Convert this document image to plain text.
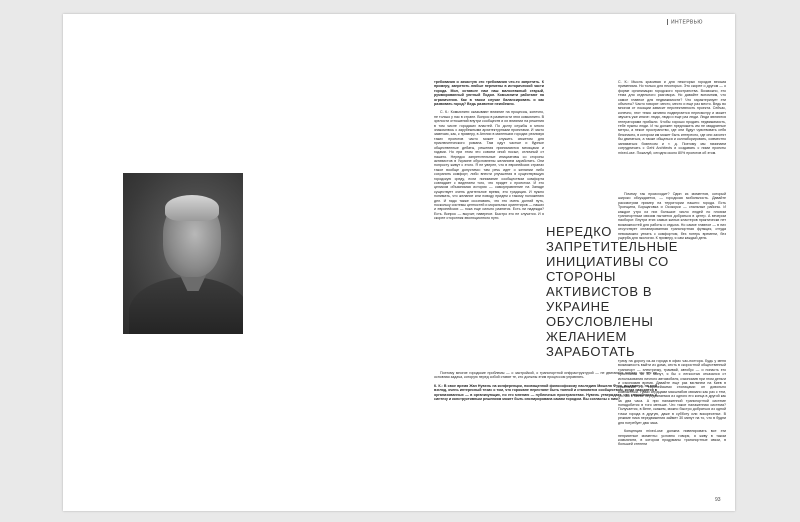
ИНТЕРВЬЮ

требования и зачастую это требования что-то запретить. К примеру, запретить любые перемены в исторической части города. Мол, оставьте нам наш малоэтажный старый, руммированный уютный Подол. Комьюнити работают на ограничения. Как в таком случае балансировать и как развивать город? Ведь развитие неизбежно.

С. К.: Комьюнити оказывают влияние на процессы, конечно, не только у нас в стране. Вопрос в развитости этих комьюнити. В зрелости отношений внутри сообществ и их влиянии на решения в том числе городских властей. По долгу службы я много знакомлюсь с зарубежными архитектурными проектами. И часто замечаю, как, к примеру, в Англии в маленьких городах реализуя таких проектов часто может служить сюжетом для приключенческого романа. Там идут частые и бурные общественные дебаты, решения принимаются месяцами и годами. Но при этом это совсем иной посыл, отличный от нашего. Нередко запретительные инициативы со стороны активистов в Украине обусловлены желанием заработать. Они попросту живут с этого. Я не уверен, что в европейских странах такое вообще допустимо: там речь идет о желании либо сохранить комфорт, либо внести улучшения в существующую городскую среду, если понимание сообществом комфорта совпадает с видением того, что придет с проектом. И это целиком объяснимая история — самоуправление на Западе существует очень длительное время, это традиция. И нужно понимать, что желание или поводу придем к такому положению дел. И надо также осознавать, что это очень долгий путь, поскольку системы ценностей и моральных ориентиров — наших и европейских — пока еще сильно разнятся. Есть ли надежда? Есть. Вопрос — выучит, наверное. Быстро это не случится. И я скорее сторонник эволюционного пути.

НЕРЕДКО ЗАПРЕТИТЕЛЬНЫЕ ИНИЦИАТИВЫ СО СТОРОНЫ АКТИВИСТОВ В УКРАИНЕ ОБУСЛОВЛЕНЫ ЖЕЛАНИЕМ ЗАРАБОТАТЬ

Поэтому многие городские проблемы — о застройкой, о транспортной инфраструктурой — не двигаются потому, что это не основная задача, которую перед собой ставят те, кто должны этим процессом управлять.

К. К.: В свое время Жан Нувель на конференции, посвященной философскому наследию Мишеля Фуко, выдвинул, на мой взгляд, очень интересный тезис о том, что горожане перестают быть толпой и становятся сообществом, когда находятся в организованных — в организующих, но его мнению — публичных пространствах. Нувель утверждает, что способность к синтезу и конструктивным решениям может быть инспирирована самим городом. Вы согласны с ним?

С. К.: Мысль красивая и для некоторых городов весьма применима. Но только для некоторых. Это скорее о другом — о форме организации городского пространства. Возможно, это тема для отдельного разговора. Но давайте вспомним, что самое главное для недвижимости? Что характеризует эти объекты? Часто говорят: место, место и еще раз место. Ведь во многом от локации зависит перспективность проекта. Сейчас, конечно, этот тезис активно подвергается пересмотру и может звучать уже иначе: люди, люди и еще раз люди. Люди являются генераторами прибыли. Чтобы хорошо продать недвижимость, тебе нужны люди. И ты должен предложить им не квадратные метры, а некое пространство, где они будут чувствовать себя безопасно, в котором им может быть интересно, где они захотят бы двигаться, а также общаться и коллаборировать, совместно заниматься бизнесом и т. д. Поэтому мы начинаем сотрудничать с Gehl Architects и создавать с ними проекты mixed-use. Пожалуй, сегодня около 80% проектов об этом.

Почему так происходит? Один из моментов, который широко обсуждается, — городская мобильность. Давайте рассмотрим пример на территории нашего города. Есть Троещина, Борщаговка и Осокорки — спальные районы. И каждое утро из них большое число людей по плохим транспортным связям пытается добраться в центр. А вечером наоборот. Внутри этих самых жилых кластеров практически нет возможностей для работы и отдыха. Но самое главное — в них отсутствует спланированная транспортная функция, отгуда невозможно уехать с комфортом, без потерь времени, без ущерба для экологии. К примеру, я сам каждый день

трачу на дорогу из-за города в офис час-полтора. Будь у меня возможность выйти из дома, сесть в скоростной общественный транспорт — электричку, трамвай, автобус — и попасть его простояния за 30 минут, я бы с легкостью отказался от использования личного автомобиля, сэкономив при этом деньги и сэкономив время. Давайте еще раз взглянем на Киев в сравнении с европейскими столицами: он довольно компактный. Наши сердцами масштабов связано как раз с тем, что мы в Киеве передвигаемся из одного его конца в другой как за два часа. А при налаженной транспортной системе понадобится в того меньше. Что такое налаженная система? Получается, в Вене, скажем, можно быстро добраться из одной точки города в другую, даже в субботу или воскресенье. В режиме пика передвижения займет 30 минут на то, что в будни дня потребует два часа.

Концепция mixed-use должна нивелировать все эти неприятные моменты: условно говоря, я живу в таком комьюнити, в котором продуманы транспортные связи, в большей степени

93
